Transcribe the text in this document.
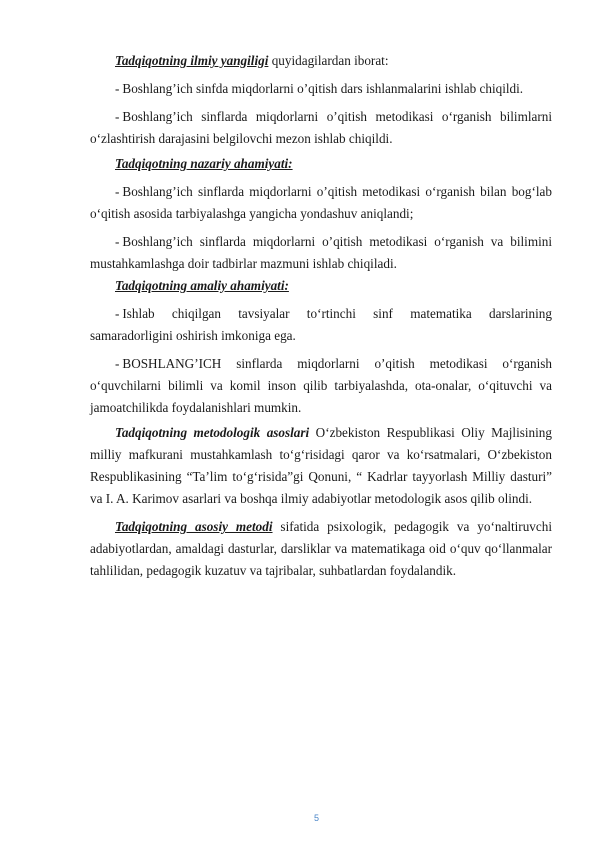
Tadqiqotning ilmiy yangiligi quyidagilardan iborat:

- Boshlang’ich sinfda miqdorlarni o’qitish dars ishlanmalarini ishlab chiqildi.

- Boshlang’ich sinflarda miqdorlarni o’qitish metodikasi o‘rganish bilimlarni o‘zlashtirish darajasini belgilovchi mezon ishlab chiqildi.

Tadqiqotning nazariy ahamiyati:

- Boshlang’ich sinflarda miqdorlarni o’qitish metodikasi o‘rganish bilan bog‘lab o‘qitish asosida tarbiyalashga yangicha yondashuv aniqlandi;

- Boshlang’ich sinflarda miqdorlarni o’qitish metodikasi o‘rganish va bilimini mustahkamlashga doir tadbirlar mazmuni ishlab chiqiladi.

Tadqiqotning amaliy ahamiyati:

- Ishlab chiqilgan tavsiyalar to‘rtinchi sinf matematika darslarining samaradorligini oshirish imkoniga ega.

- BOSHLANG’ICH sinflarda miqdorlarni o’qitish metodikasi o‘rganish o‘quvchilarni bilimli va komil inson qilib tarbiyalashda, ota-onalar, o‘qituvchi va jamoatchilikda foydalanishlari mumkin.

Tadqiqotning metodologik asoslari O‘zbekiston Respublikasi Oliy Majlisining milliy mafkurani mustahkamlash to‘g‘risidagi qaror va ko‘rsatmalari, O‘zbekiston Respublikasining “Ta’lim to‘g‘risida”gi Qonuni, “ Kadrlar tayyorlash Milliy dasturi” va I. A. Karimov asarlari va boshqa ilmiy adabiyotlar metodologik asos qilib olindi.

Tadqiqotning asosiy metodi sifatida psixologik, pedagogik va yo‘naltiruvchi adabiyotlardan, amaldagi dasturlar, darsliklar va matematikaga oid o‘quv qo‘llanmalar tahlilidan, pedagogik kuzatuv va tajribalar, suhbatlardan foydalandik.

5
